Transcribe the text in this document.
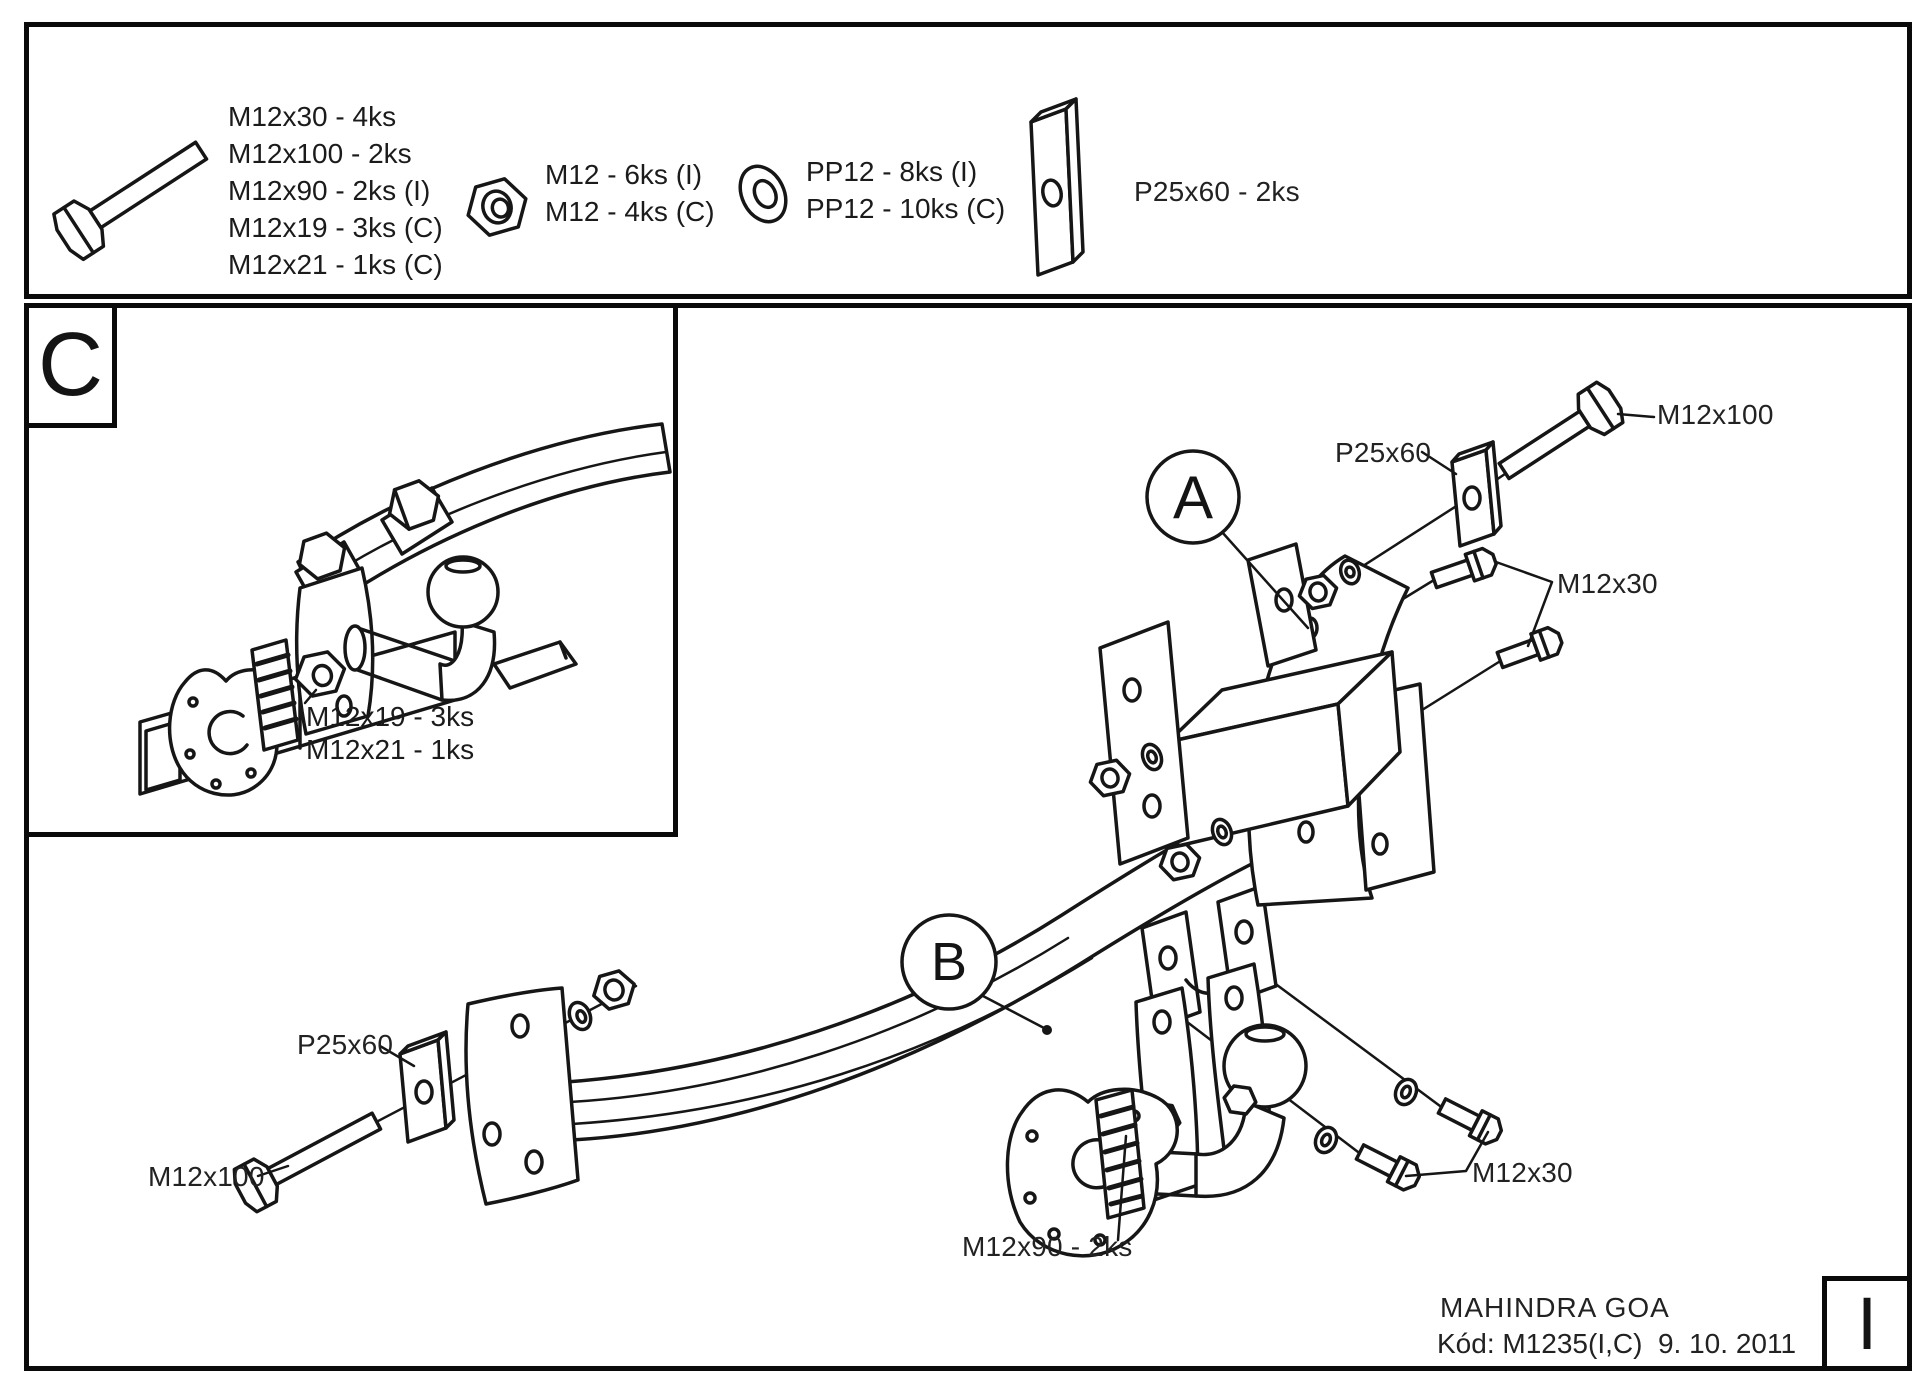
M12x30 - 4ks
M12x100 - 2ks
M12x90 - 2ks (I)
M12x19 - 3ks (C)
M12x21 - 1ks (C)
M12 - 6ks (I)
M12 - 4ks (C)
PP12 - 8ks (I)
PP12 - 10ks (C)
P25x60 - 2ks
C
M12x19 - 3ks
M12x21 - 1ks
A
B
P25x60
M12x100
M12x30
P25x60
M12x100
M12x90 - 2ks
M12x30
MAHINDRA GOA
Kód: M1235(I,C)  9. 10. 2011 I
